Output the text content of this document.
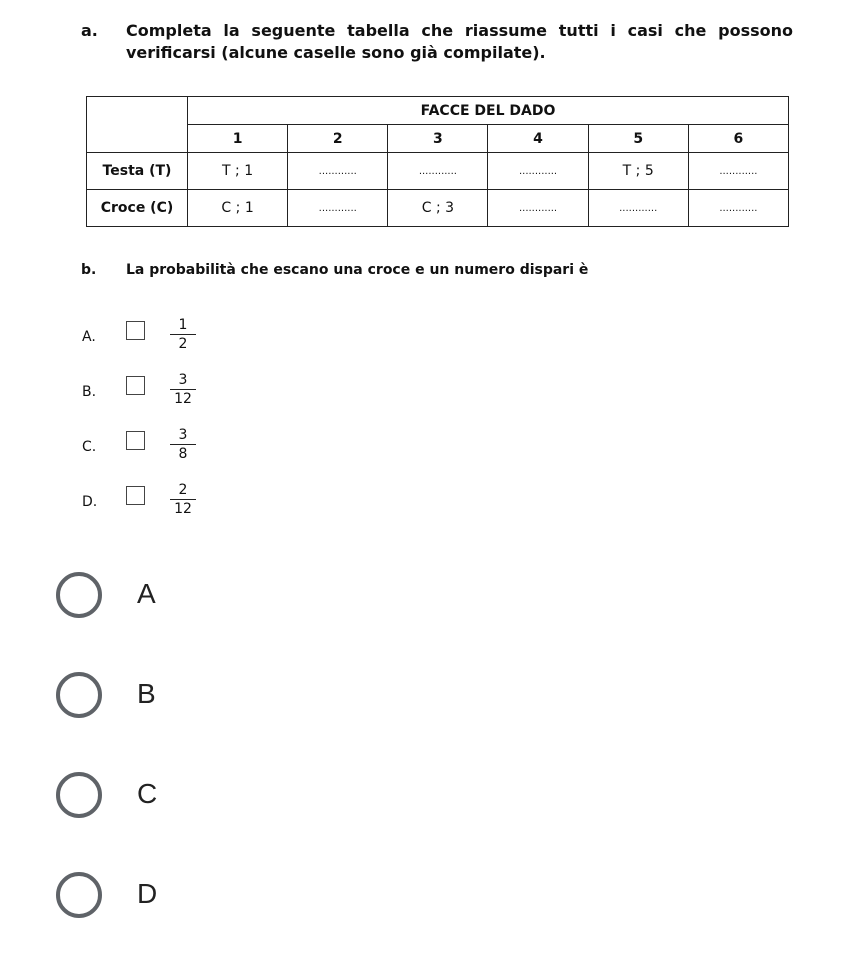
a. Completa la seguente tabella che riassume tutti i casi che possono verificarsi (alcune caselle sono già compilate).
	FACCE DEL DADO					
	1	2	3	4	5	6
Testa (T)	T ; 1	............	............	............	T ; 5	............
Croce (C)	C ; 1	............	C ; 3	............	............	............
b. La probabilità che escano una croce e un numero dispari è
A.	$\frac{1}{2}$
B.	$\frac{3}{12}$
C.	$\frac{3}{8}$
D.	$\frac{2}{12}$
A
B
C
D
